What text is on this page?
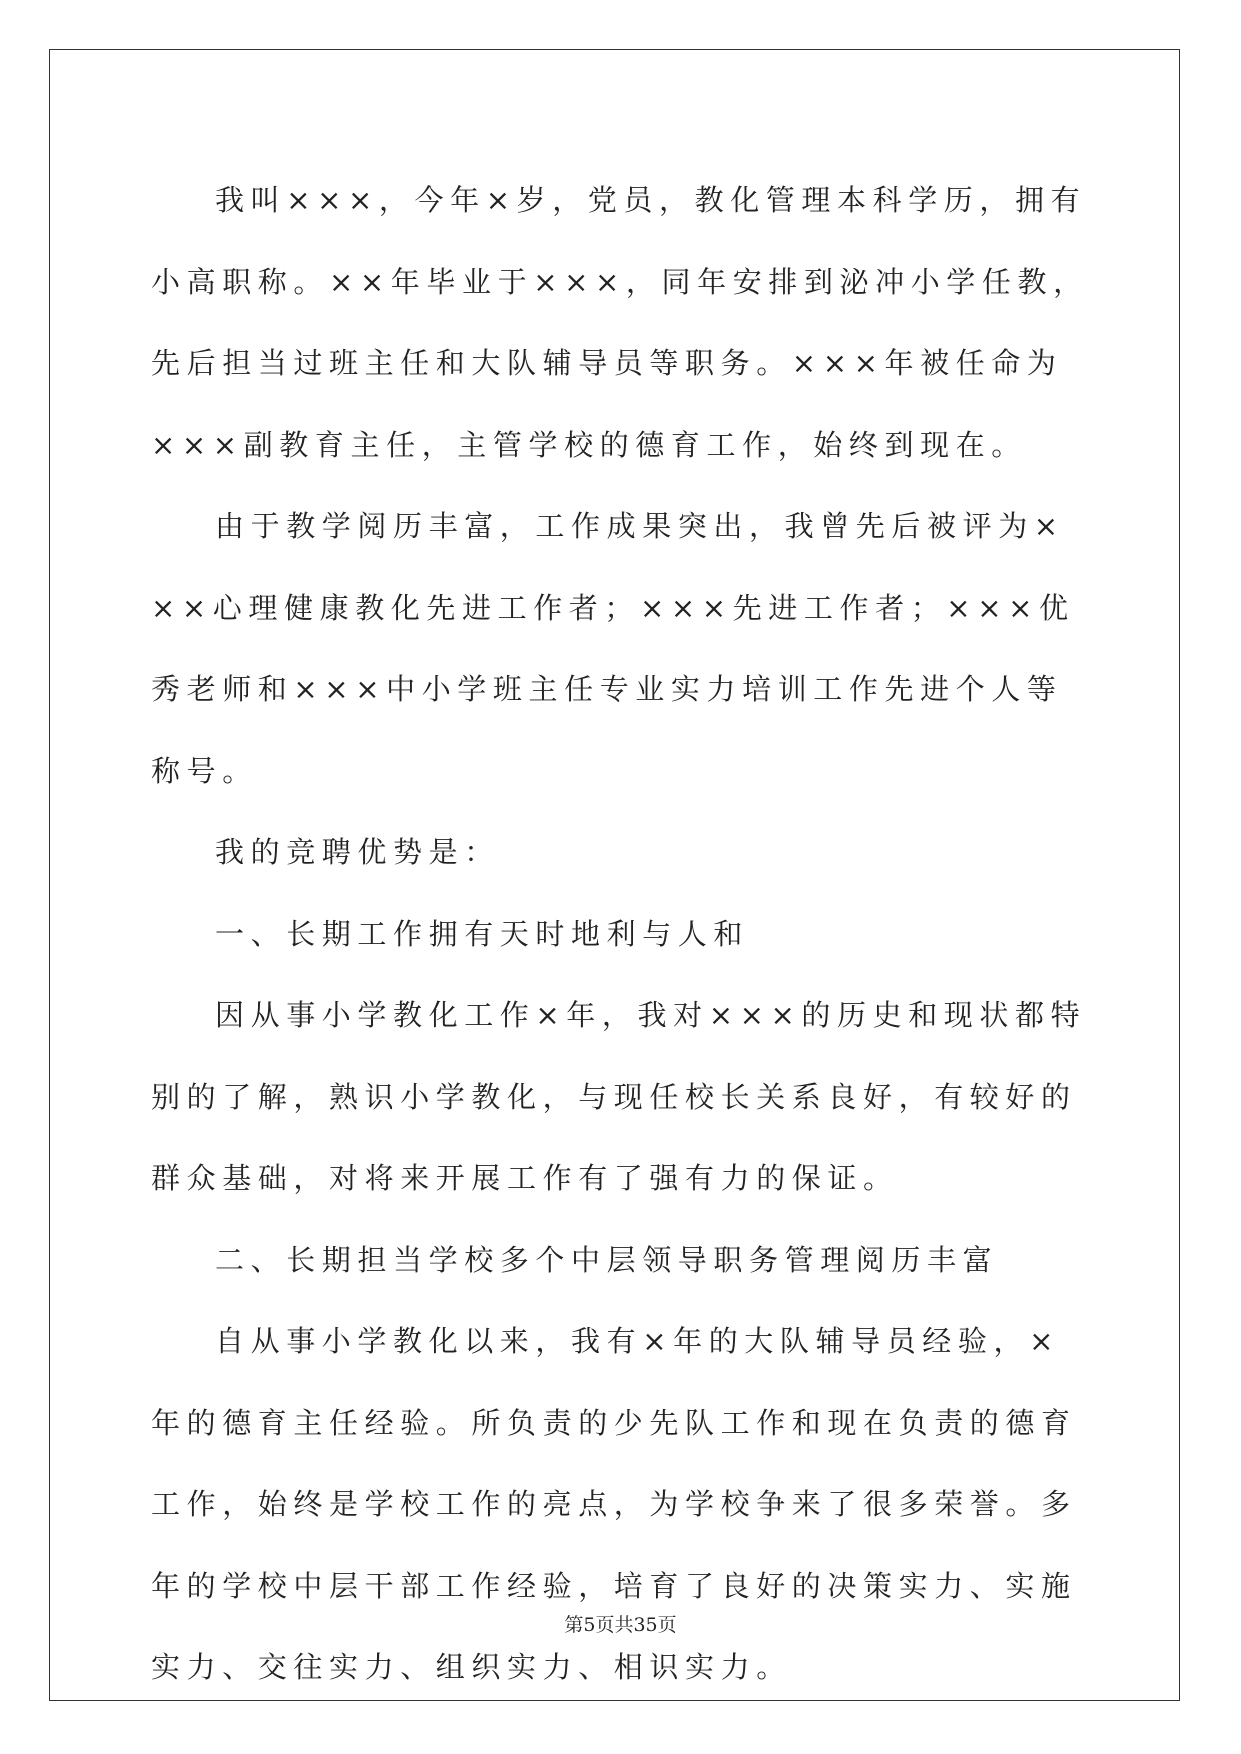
我叫×××，今年×岁，党员，教化管理本科学历，拥有小高职称。××年毕业于×××，同年安排到泌冲小学任教，先后担当过班主任和大队辅导员等职务。×××年被任命为×××副教育主任，主管学校的德育工作，始终到现在。

由于教学阅历丰富，工作成果突出，我曾先后被评为×××心理健康教化先进工作者；×××先进工作者；×××优秀老师和×××中小学班主任专业实力培训工作先进个人等称号。

我的竞聘优势是：

一、长期工作拥有天时地利与人和

因从事小学教化工作×年，我对×××的历史和现状都特别的了解，熟识小学教化，与现任校长关系良好，有较好的群众基础，对将来开展工作有了强有力的保证。

二、长期担当学校多个中层领导职务管理阅历丰富

自从事小学教化以来，我有×年的大队辅导员经验，×年的德育主任经验。所负责的少先队工作和现在负责的德育工作，始终是学校工作的亮点，为学校争来了很多荣誉。多年的学校中层干部工作经验，培育了良好的决策实力、实施实力、交往实力、组织实力、相识实力。

第5页共35页
